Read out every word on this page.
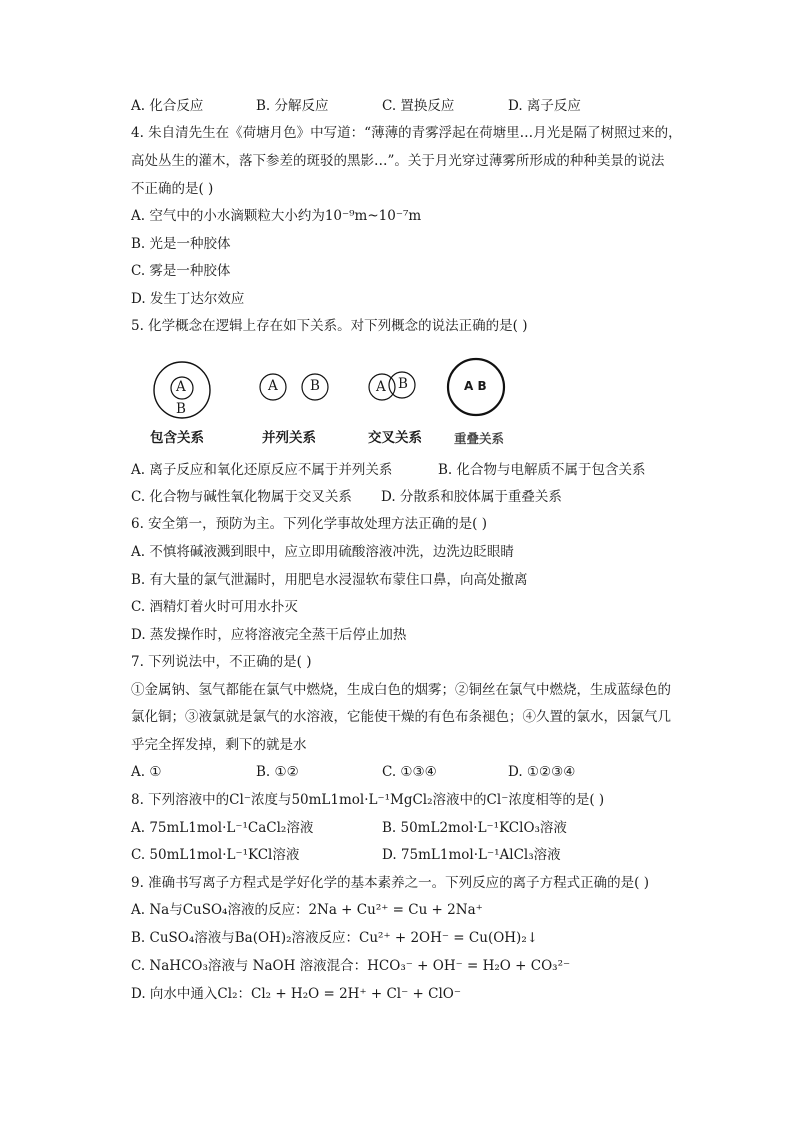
A. 化合反应	B. 分解反应	C. 置换反应	D. 离子反应
4. 朱自清先生在《荷塘月色》中写道：“薄薄的青雾浮起在荷塘里…月光是隔了树照过来的，
高处丛生的灌木，落下参差的斑驳的黑影…”。关于月光穿过薄雾所形成的种种美景的说法
不正确的是( )
A. 空气中的小水滴颗粒大小约为10⁻⁹m~10⁻⁷m
B. 光是一种胶体
C. 雾是一种胶体
D. 发生丁达尔效应
5. 化学概念在逻辑上存在如下关系。对下列概念的说法正确的是( )
A
B
A B	A B	A B
包含关系	并列关系	交叉关系	重叠关系
A. 离子反应和氧化还原反应不属于并列关系	B. 化合物与电解质不属于包含关系
C. 化合物与碱性氧化物属于交叉关系 D. 分散系和胶体属于重叠关系
6. 安全第一，预防为主。下列化学事故处理方法正确的是( )
A. 不慎将碱液溅到眼中，应立即用硫酸溶液冲洗，边洗边眨眼睛
B. 有大量的氯气泄漏时，用肥皂水浸湿软布蒙住口鼻，向高处撤离
C. 酒精灯着火时可用水扑灭
D. 蒸发操作时，应将溶液完全蒸干后停止加热
7. 下列说法中，不正确的是( )
①金属钠、氢气都能在氯气中燃烧，生成白色的烟雾；②铜丝在氯气中燃烧，生成蓝绿色的
氯化铜；③液氯就是氯气的水溶液，它能使干燥的有色布条褪色；④久置的氯水，因氯气几
乎完全挥发掉，剩下的就是水
A. ①	B. ①②	C. ①③④	D. ①②③④
8. 下列溶液中的Cl⁻浓度与50mL1mol·L⁻¹MgCl₂溶液中的Cl⁻浓度相等的是( )
A. 75mL1mol·L⁻¹CaCl₂溶液	B. 50mL2mol·L⁻¹KClO₃溶液
C. 50mL1mol·L⁻¹KCl溶液	D. 75mL1mol·L⁻¹AlCl₃溶液
9. 准确书写离子方程式是学好化学的基本素养之一。下列反应的离子方程式正确的是( )
A. Na与CuSO₄溶液的反应：2Na + Cu²⁺ = Cu + 2Na⁺
B. CuSO₄溶液与Ba(OH)₂溶液反应：Cu²⁺ + 2OH⁻ = Cu(OH)₂↓
C. NaHCO₃溶液与 NaOH 溶液混合：HCO₃⁻ + OH⁻ = H₂O + CO₃²⁻
D. 向水中通入Cl₂：Cl₂ + H₂O = 2H⁺ + Cl⁻ + ClO⁻
